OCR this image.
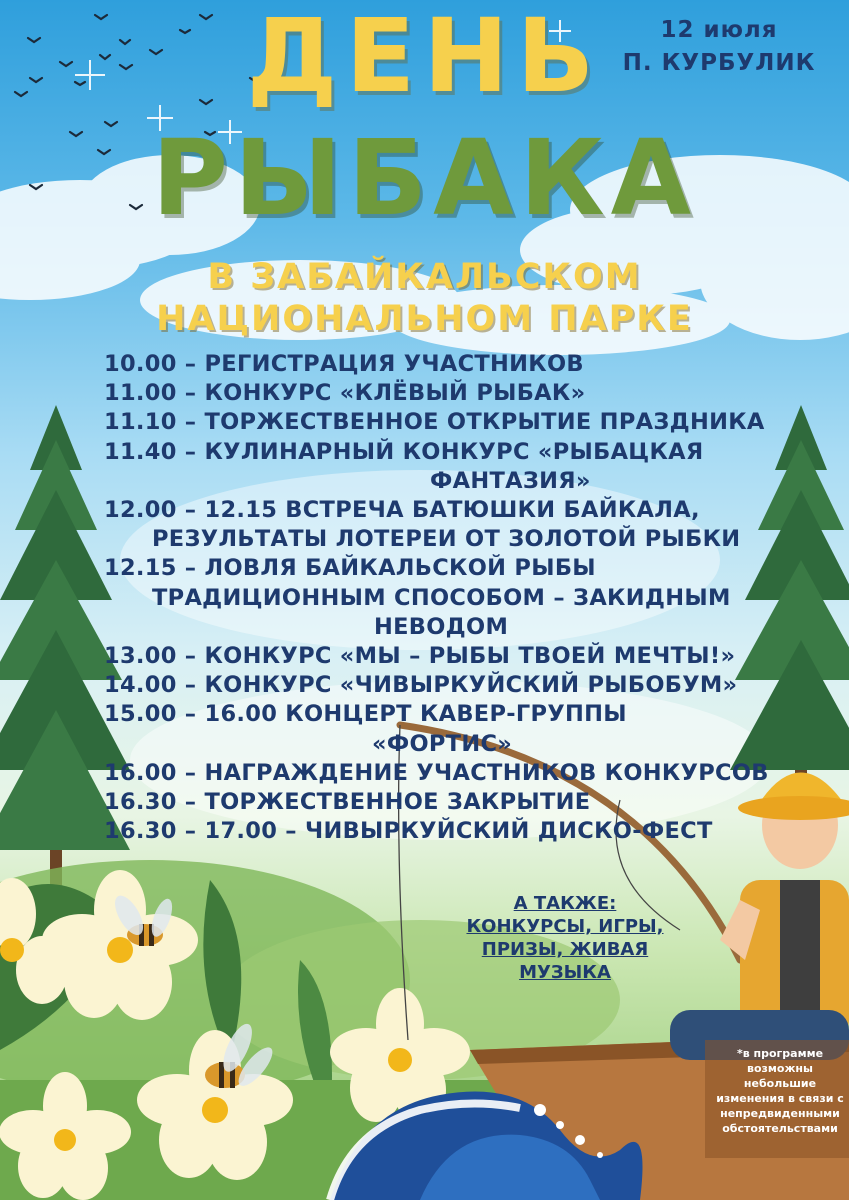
12 июля
П. КУРБУЛИК
ДЕНЬ
РЫБАКА
В ЗАБАЙКАЛЬСКОМ
НАЦИОНАЛЬНОМ ПАРКЕ
10.00 – РЕГИСТРАЦИЯ УЧАСТНИКОВ
11.00 – КОНКУРС «КЛЁВЫЙ РЫБАК»
11.10 – ТОРЖЕСТВЕННОЕ ОТКРЫТИЕ ПРАЗДНИКА
11.40 – КУЛИНАРНЫЙ КОНКУРС «РЫБАЦКАЯ
ФАНТАЗИЯ»
12.00 – 12.15 ВСТРЕЧА БАТЮШКИ БАЙКАЛА,
РЕЗУЛЬТАТЫ ЛОТЕРЕИ ОТ ЗОЛОТОЙ РЫБКИ
12.15 – ЛОВЛЯ БАЙКАЛЬСКОЙ РЫБЫ
ТРАДИЦИОННЫМ СПОСОБОМ – ЗАКИДНЫМ
НЕВОДОМ
13.00 – КОНКУРС «МЫ – РЫБЫ ТВОЕЙ МЕЧТЫ!»
14.00 – КОНКУРС «ЧИВЫРКУЙСКИЙ РЫБОБУМ»
15.00 – 16.00 КОНЦЕРТ КАВЕР-ГРУППЫ
«ФОРТИС»
16.00 – НАГРАЖДЕНИЕ УЧАСТНИКОВ КОНКУРСОВ
16.30 – ТОРЖЕСТВЕННОЕ ЗАКРЫТИЕ
16.30 – 17.00 – ЧИВЫРКУЙСКИЙ ДИСКО-ФЕСТ
А ТАКЖЕ:
КОНКУРСЫ, ИГРЫ,
ПРИЗЫ, ЖИВАЯ
МУЗЫКА
*в программе возможны небольшие изменения в связи с непредвиденными обстоятельствами
